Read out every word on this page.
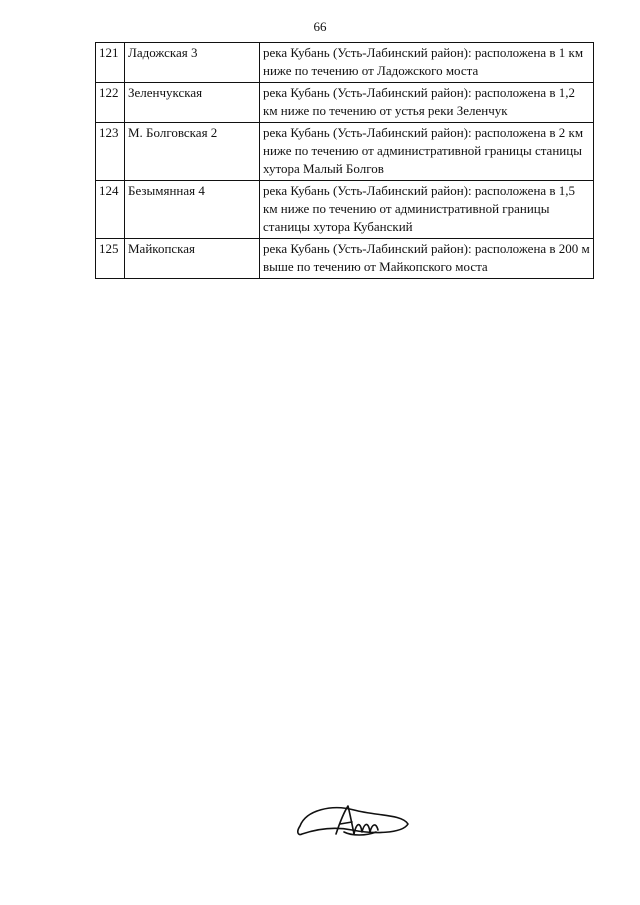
66
121	Ладожская 3	река Кубань (Усть-Лабинский район): расположена в 1 км ниже по течению от Ладожского моста
122	Зеленчукская	река Кубань (Усть-Лабинский район): расположена в 1,2 км ниже по течению от устья реки Зеленчук
123	М. Болговская 2	река Кубань (Усть-Лабинский район): расположена в 2 км ниже по течению от административной границы станицы хутора Малый Болгов
124	Безымянная 4	река Кубань (Усть-Лабинский район): расположена в 1,5 км ниже по течению от административной границы станицы хутора Кубанский
125	Майкопская	река Кубань (Усть-Лабинский район): расположена в 200 м выше по течению от Майкопского моста
